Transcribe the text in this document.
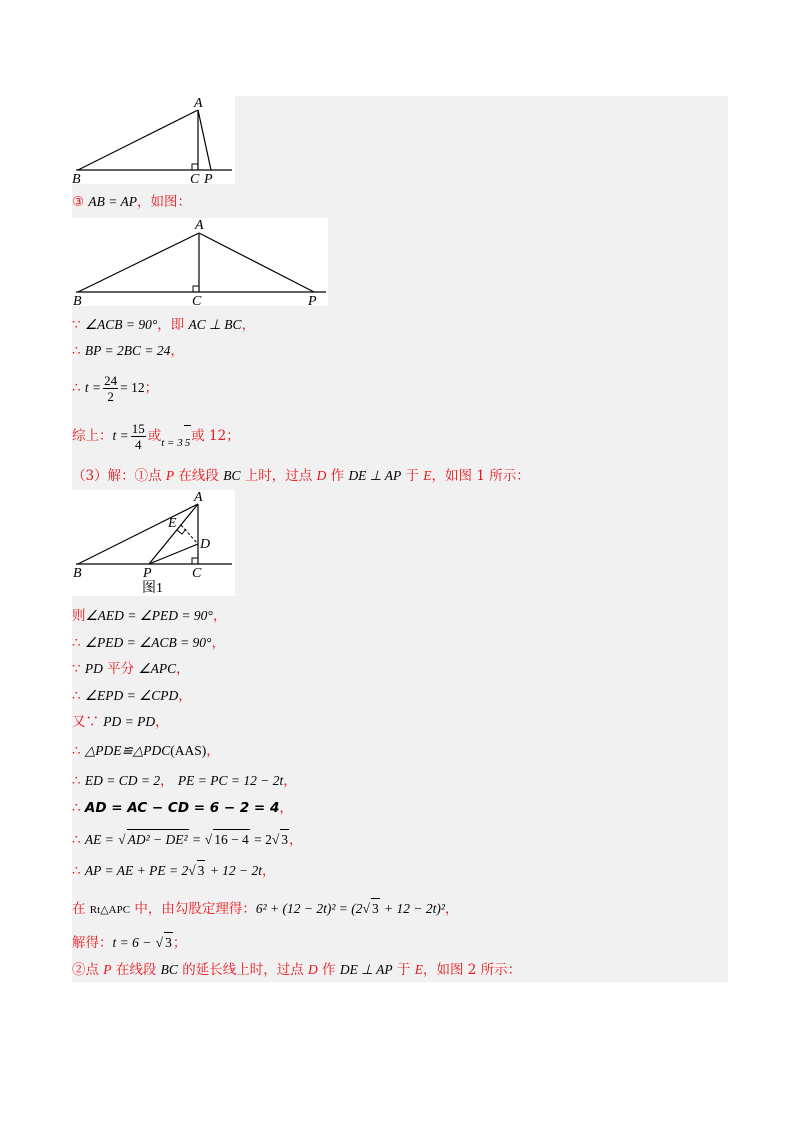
A
B	C P
③ AB = AP，如图：
A
B	C	P
∵ ∠ACB = 90°，即 AC ⊥ BC，
∴ BP = 2BC = 24，
∴ $t = \frac{24}{2} = 12$；
综上：$t = \frac{15}{4}$ 或$_{t = 3}$ 5或 12；
（3）解：①点 P 在线段 BC 上时，过点 D 作 DE ⊥ AP 于 E，如图 1 所示：
A
B	C
P
D
E
图1
则∠AED = ∠PED = 90°，
∴ ∠PED = ∠ACB = 90°，
∵ PD 平分 ∠APC，
∴ ∠EPD = ∠CPD，
又∵ PD = PD，
∴ △PDE≌△PDC(AAS)，
∴ ED = CD = 2， PE = PC = 12 − 2t，
∴ AD = AC − CD = 6 − 2 = 4，
∴ AE = √ AD² − DE² = √ 16 − 4 = 2√ 3，
∴ AP = AE + PE = 2√ 3 + 12 − 2t，
在 Rt△APC 中，由勾股定理得：6² + (12 − 2t)² = (2√ 3 + 12 − 2t)²，
解得：t = 6 − √ 3；
②点 P 在线段 BC 的延长线上时，过点 D 作 DE ⊥ AP 于 E，如图 2 所示：
